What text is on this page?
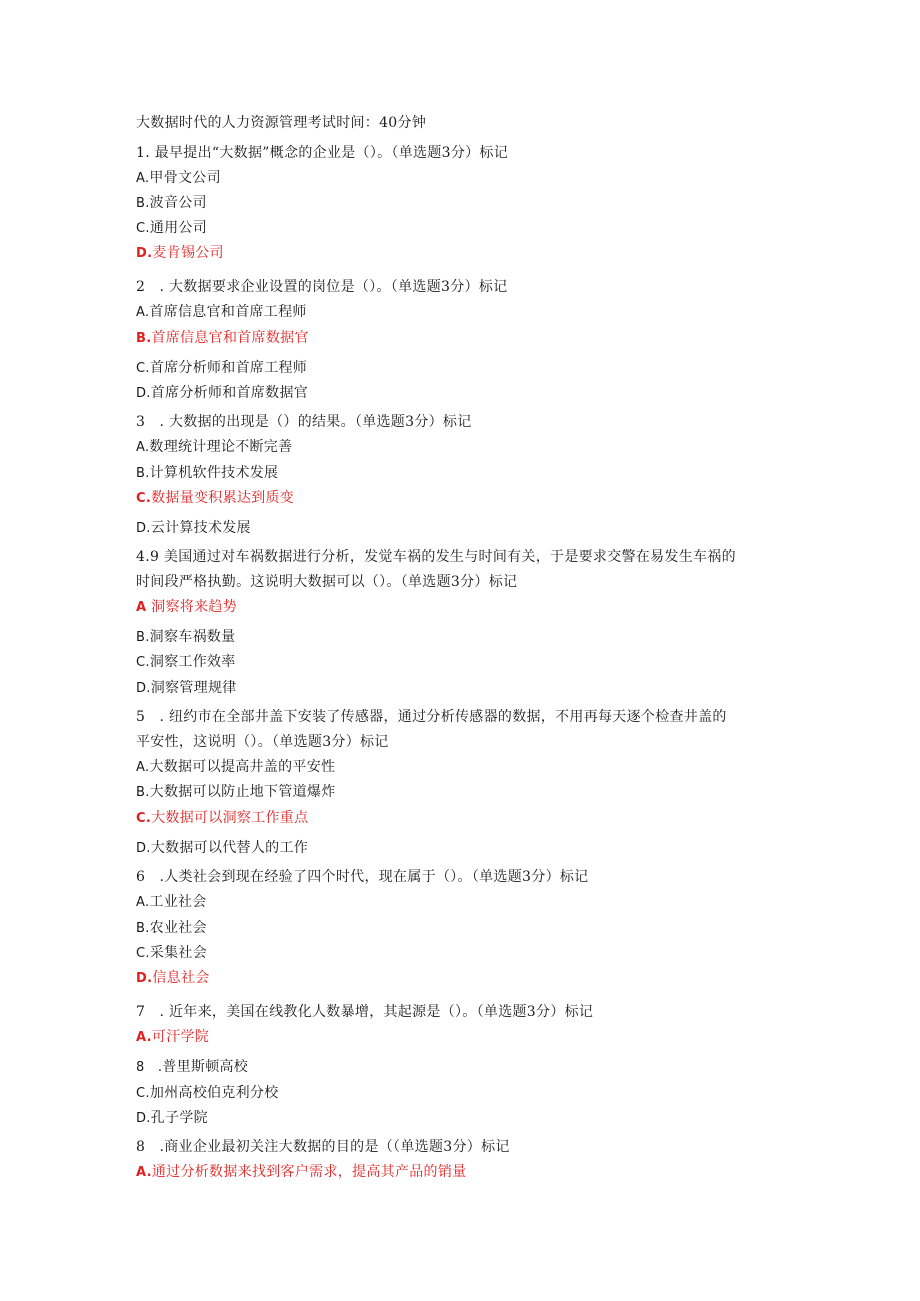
大数据时代的人力资源管理考试时间：40分钟
1. 最早提出“大数据”概念的企业是（）。（单选题3分）标记
A.甲骨文公司
B.波音公司
C.通用公司
D.麦肯锡公司
2　. 大数据要求企业设置的岗位是（）。（单选题3分）标记
A.首席信息官和首席工程师
B.首席信息官和首席数据官
C.首席分析师和首席工程师
D.首席分析师和首席数据官
3　. 大数据的出现是（）的结果。（单选题3分）标记
A.数理统计理论不断完善
B.计算机软件技术发展
C.数据量变积累达到质变
D.云计算技术发展
4.9 美国通过对车祸数据进行分析，发觉车祸的发生与时间有关，于是要求交警在易发生车祸的
时间段严格执勤。这说明大数据可以（）。（单选题3分）标记
A 洞察将来趋势
B.洞察车祸数量
C.洞察工作效率
D.洞察管理规律
5　. 纽约市在全部井盖下安装了传感器，通过分析传感器的数据，不用再每天逐个检查井盖的
平安性，这说明（）。（单选题3分）标记
A.大数据可以提高井盖的平安性
B.大数据可以防止地下管道爆炸
C.大数据可以洞察工作重点
D.大数据可以代替人的工作
6　.人类社会到现在经验了四个时代，现在属于（）。（单选题3分）标记
B.农业社会
A.工业社会
C.采集社会
D.信息社会
7　. 近年来，美国在线教化人数暴增，其起源是（）。（单选题3分）标记
A.可汗学院
8　.普里斯顿高校
C.加州高校伯克利分校
D.孔子学院
8　.商业企业最初关注大数据的目的是（（单选题3分）标记
A.通过分析数据来找到客户需求，提高其产品的销量
